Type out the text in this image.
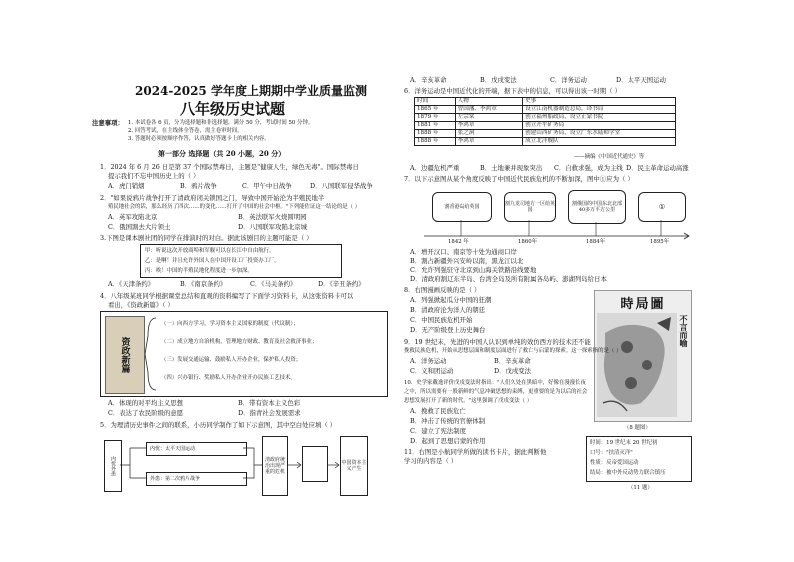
2024-2025 学年度上期期中学业质量监测
八年级历史试题
注意事项： 1. 本试卷各 6 页，分为选择题和非选择题，满分 50 分，考试时间 50 分钟。
2. 回答考试，在主线体全答卷，需主卷审时间。
3. 答题时必须按顺序作答，认真做好答题卡上的相关内容。
第一部分 选择题（共 20 小题，20 分）
1．2024 年 6 月 26 日是第 37 个国际禁毒日，主题是"健康人生，绿色无毒"。国际禁毒日
提示我们不忘中国历史上的（ ）
A．虎门销烟	B．鸦片战争	C．甲午中日战争	D．八国联军侵华战争
2．"如果说鸦片战争打开了清政府闭关锁国之门，导致中国开始沦为半殖民地半
殖民地社会的话，那么经历了四次……的变化……打开了中国的社会中枢。"下列能佐证这一结论的是（ ）
A．英军攻陷北京	B．英法联军火烧圆明园
C．俄国割去大片领土	D．八国联军攻陷北京城
3.下图是课本剧社团的同学在排演时的对白。据此该剧目的主题可能是（ ）
甲：听说这次开放商埠和军舰可以在长江中自由航行。
乙：是啊！并且允许外国人在中国开设工厂投资办工厂。
丙：唉！中国的半殖民地化程度进一步加深。
A．《天津条约》	B．《南京条约》	C．《马关条约》	D．《辛丑条约》
4．八年级某班同学根据课堂总结和直观的资料编写了下面学习资料卡，从这张资料卡可以
看出，《资政新篇》（ ）
资政新篇
（一）向西方学习，学习资本主义国家的制度（代议制）；
（二）成立地方自治机构，管理地方财政、教育及社会救济事业；
（三）发展交通运输、鼓励私人开办企业，保护私人投资；
（四）兴办银行、奖励私人开办企业开办民族工艺技术。
A．体现的对平均主义思想	B．带有资本主义色彩
C．表达了农民阶级的意愿	D．指青社会发展需求
5．为理清历史事件之间的联系，小历同学制作了如下示意图，其中空白处应填（ ）
内忧外患
内忧：太平天国运动
外患：第二次鸦片战争
清政府统治出现严重的危机
中国资本主义产生
A．辛亥革命	B．戊戌变法	C．洋务运动	D．太平天国运动
6．洋务运动是中国近代化的开端，据下表中的信息，可以得出该一时期（ ）
时间	人物	史事
1865 年	曾国藩、李鸿章	设立江南机器制造总局，译书局
1879 年	左宗棠	创立福州船政局，设立正蒙书院
1881 年	李鸿章	创立开平矿务局
1888 年	张之洞	创建山西矿务局，设立广东水陆师学堂
1888 年	李鸿章	成立北洋舰队
——摘编《中国近代通史》等
A．边疆危机严重	B．土地兼并现象突出 C．自救求强，成为主线 D．民主革命运动高涨
7．以下示意图从某个角度反映了中国近代民族危机的不断加深，图中①应为（ ）
割香港岛给英国	割九龙司地方一区给英国
割俄国的中国东北北部40多万平方公里	①
1842 年	1860年	1884年	1895年
A．增开汉口、南京等十处为通商口岸
B．割占新疆外兴安岭以南，黑龙江以北
C．允许列强驻守北京到山海关铁路沿线要地
D．清政府割辽东半岛、台湾全岛及所有附属各岛屿、澎湖列岛给日本
8．右图漫画反映的是（ ）
A．列强掀起瓜分中国的狂潮
B．清政府沦为洋人的朝廷
C．中国民族危机开始
D．无产阶级登上历史舞台
時局圖
不言而喻
（8 题图）
9．19 世纪末，先进的中国人认识到单纯的效仿西方的技术还不能
挽救民族危机，开始从思想层面和制度层面进行了救亡与启蒙的探索。这一探索指的是（ ）
A．洋务运动	B．辛亥革命
C．义和团运动	D．戊戌变法
10．史学家戴逸评价戊戌变法时指出："人们久处在黑暗中，好像在漫漫长夜
之中，所以需要有一股新鲜的气息冲破思想的束缚，更重要的是为以后的社会
思想发展打开了新的时代。"这里强调了戊戌变法（ ）
A．挽救了民族危亡
B．冲击了传统的官僚体制
C．建立了宪法制度
D．起到了思想启蒙的作用
11．右图是小航同学所做的读书卡片，据此判断他
学习的内容是（ ）
时间：19 世纪末 20 世纪初
口号："扶清灭洋"
性质：反帝爱国运动
结局：被中外反动势力联合镇压
（11 题）
